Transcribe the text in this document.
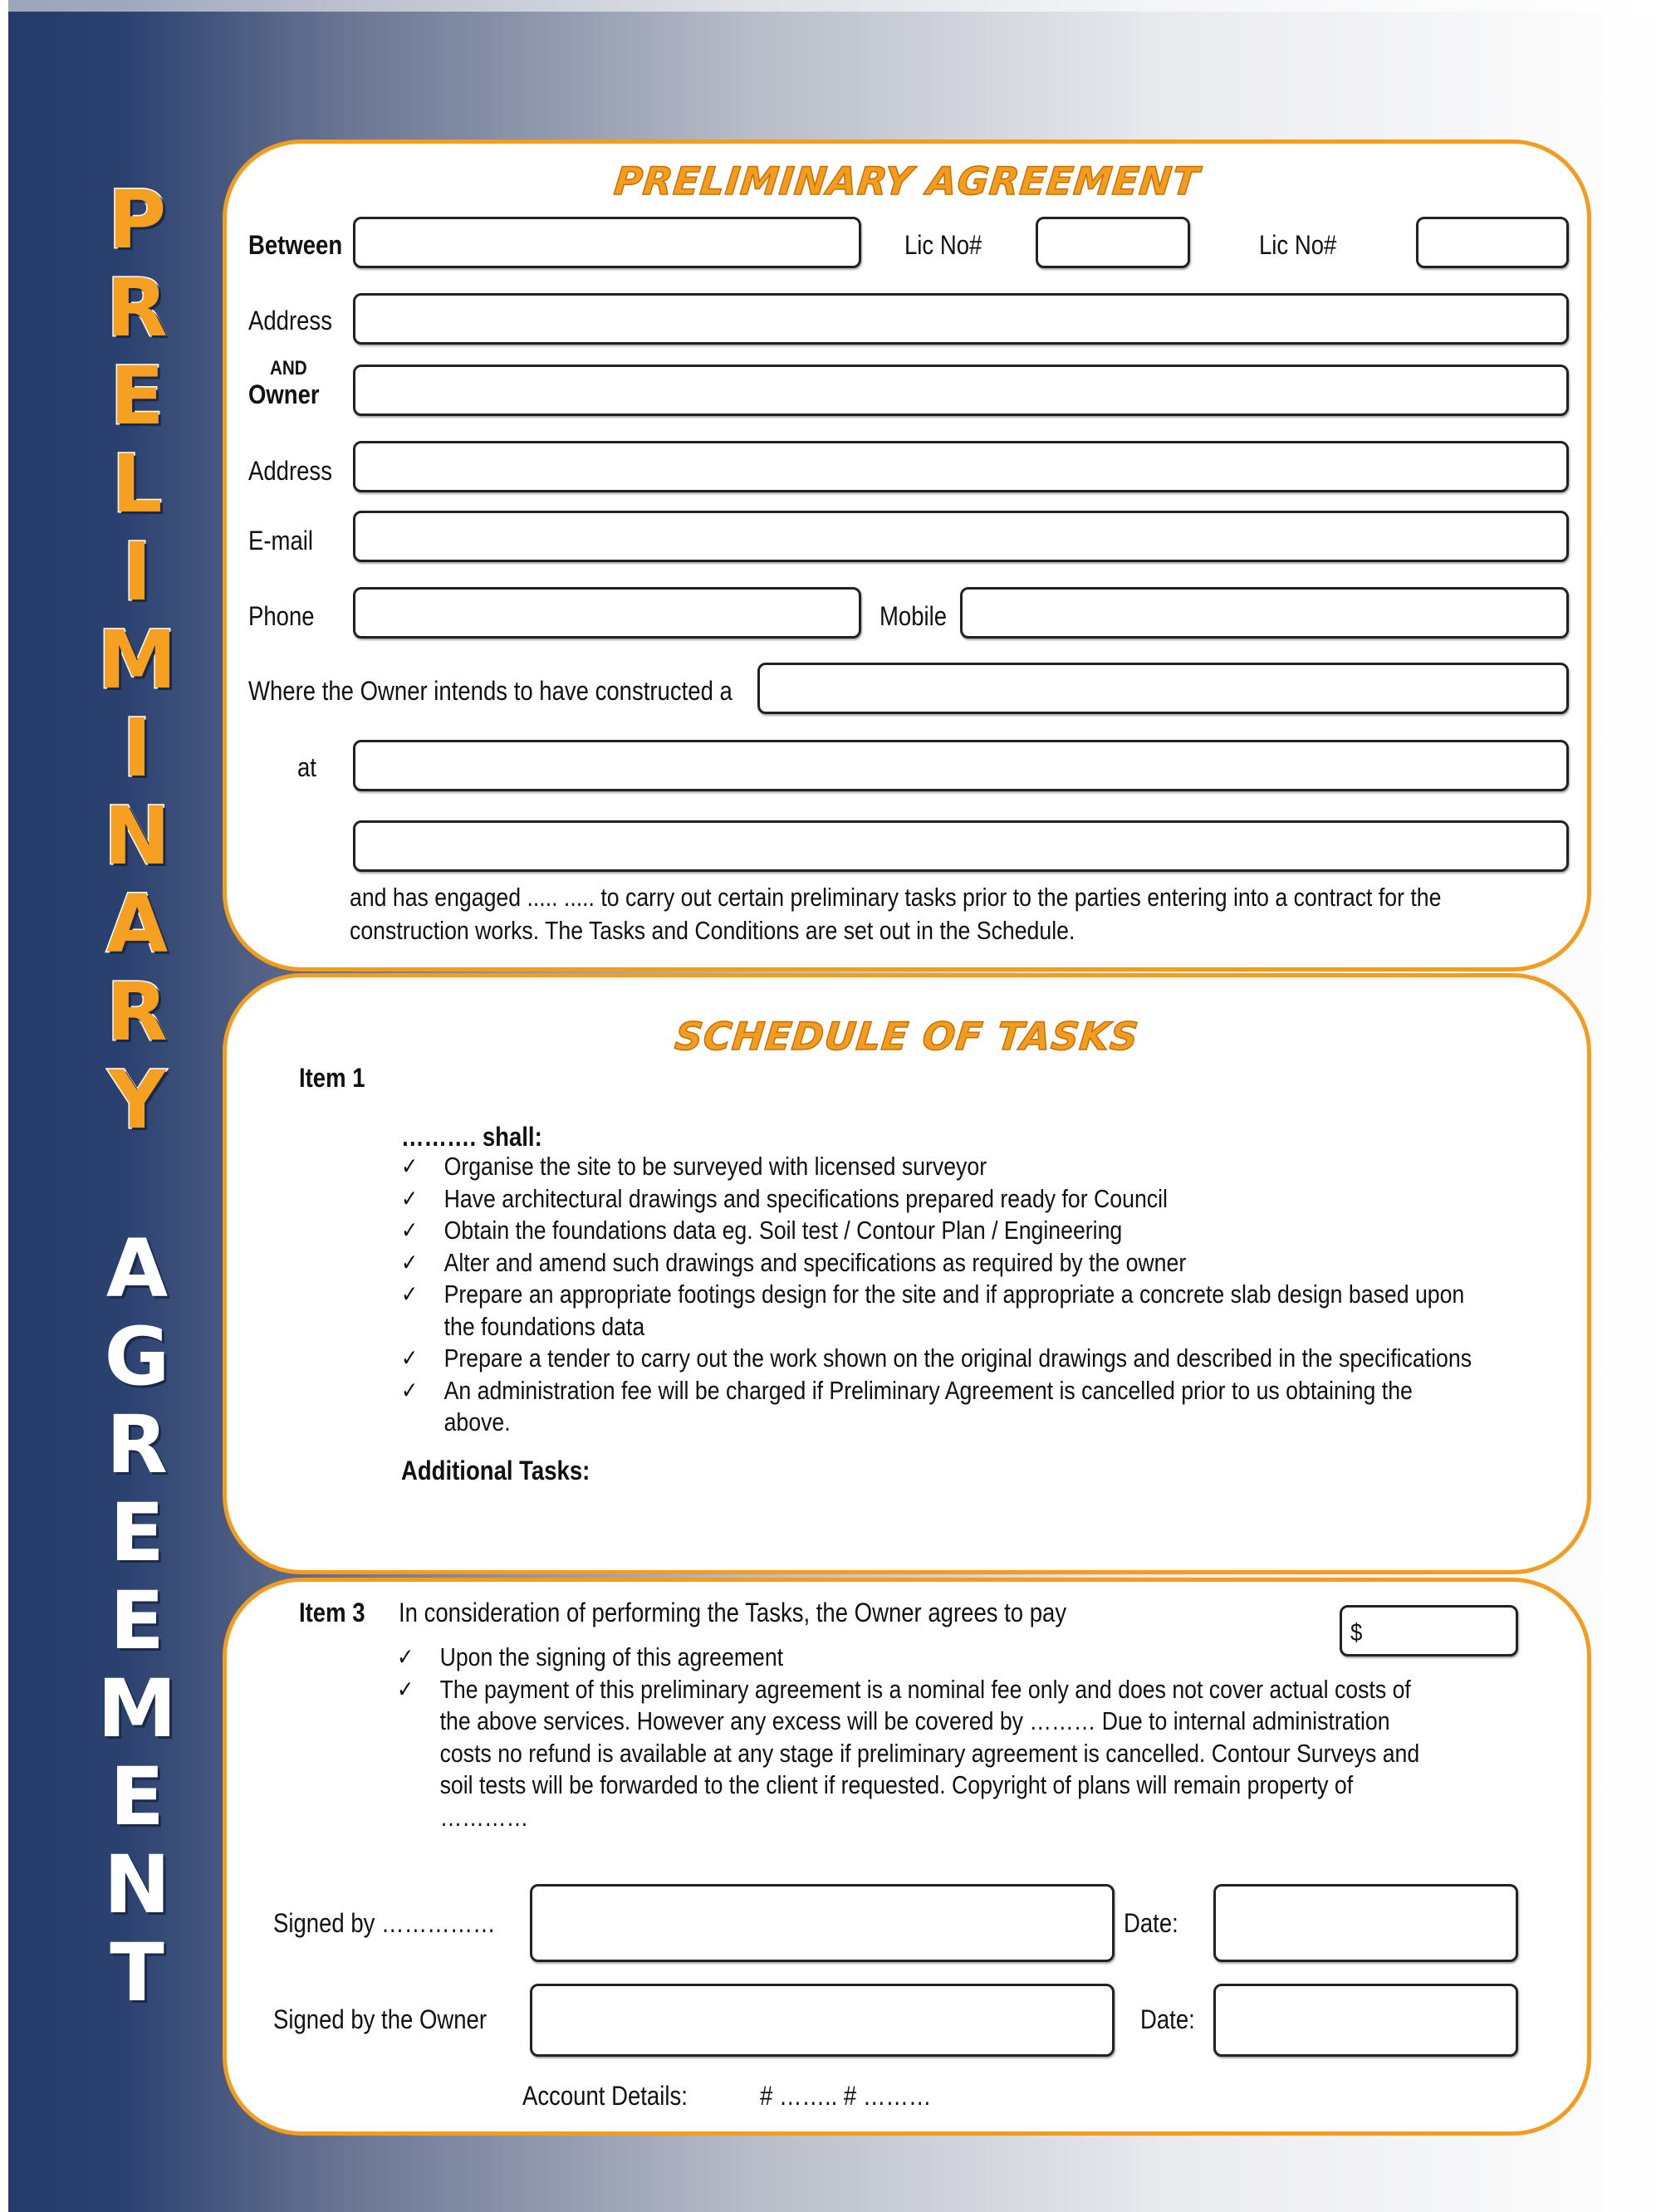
P
R
E
L
I
M
I
N
A
R
Y
A
G
R
E
E
M
E
N
T
PRELIMINARY AGREEMENT
Between	Lic No#	Lic No#
Address
AND
Owner
Address
E-mail
Phone	Mobile
Where the Owner intends to have constructed a
at
and has engaged ..... ..... to carry out certain preliminary tasks prior to the parties entering into a contract for the
construction works. The Tasks and Conditions are set out in the Schedule.
SCHEDULE OF TASKS
Item 1
………. shall:
✓ Organise the site to be surveyed with licensed surveyor
✓ Have architectural drawings and specifications prepared ready for Council
✓ Obtain the foundations data eg. Soil test / Contour Plan / Engineering
✓ Alter and amend such drawings and specifications as required by the owner
✓ Prepare an appropriate footings design for the site and if appropriate a concrete slab design based upon
the foundations data
✓ Prepare a tender to carry out the work shown on the original drawings and described in the specifications
✓ An administration fee will be charged if Preliminary Agreement is cancelled prior to us obtaining the
above.
Additional Tasks:
Item 3 In consideration of performing the Tasks, the Owner agrees to pay
$
✓ Upon the signing of this agreement
✓ The payment of this preliminary agreement is a nominal fee only and does not cover actual costs of
the above services. However any excess will be covered by ……… Due to internal administration
costs no refund is available at any stage if preliminary agreement is cancelled. Contour Surveys and
soil tests will be forwarded to the client if requested. Copyright of plans will remain property of
…………
Signed by ……………	Date:
Signed by the Owner	Date:
Account Details:	# …….. # ………
